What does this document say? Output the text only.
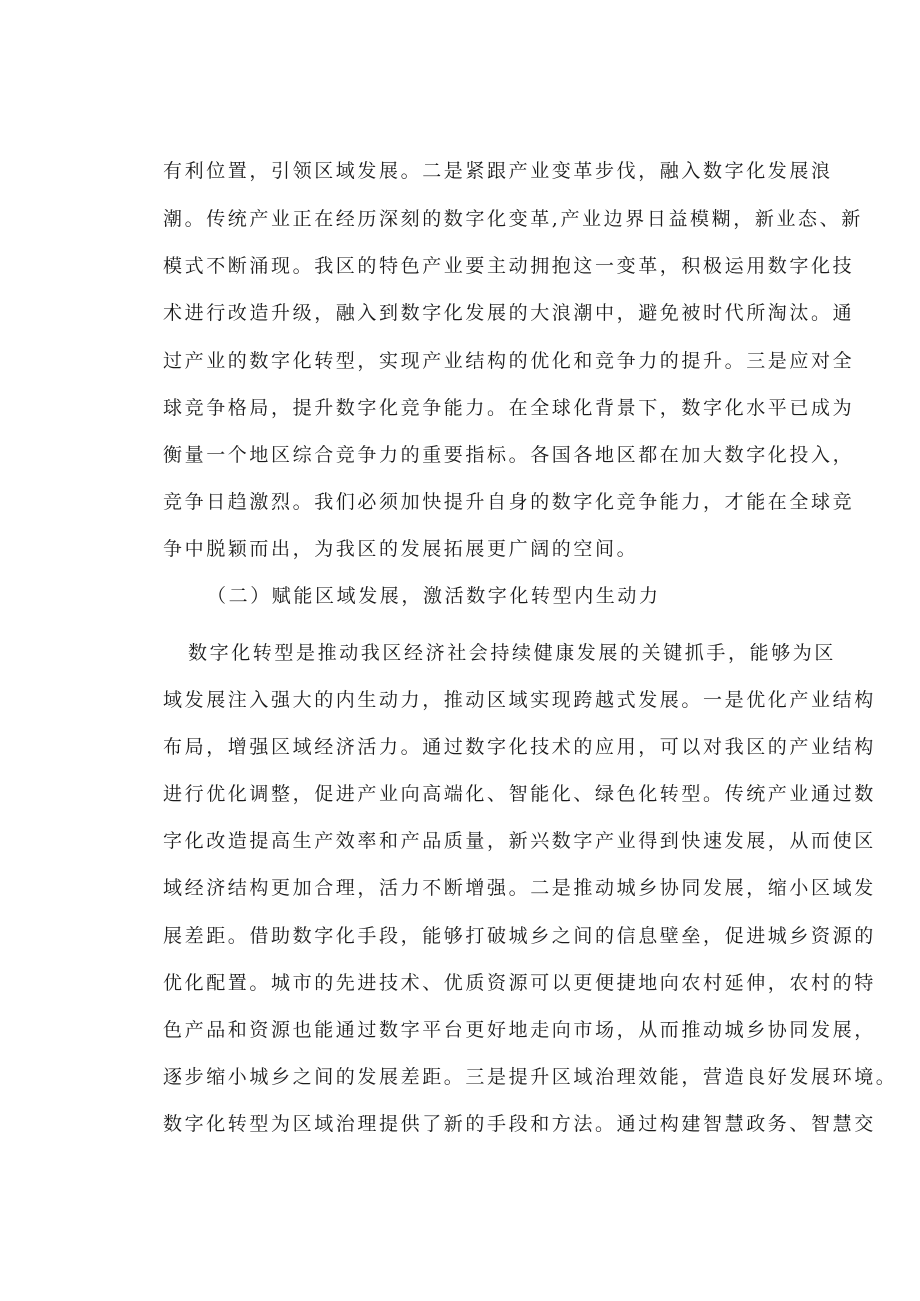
有利位置，引领区域发展。二是紧跟产业变革步伐，融入数字化发展浪
潮。传统产业正在经历深刻的数字化变革,产业边界日益模糊，新业态、新
模式不断涌现。我区的特色产业要主动拥抱这一变革，积极运用数字化技
术进行改造升级，融入到数字化发展的大浪潮中，避免被时代所淘汰。通
过产业的数字化转型，实现产业结构的优化和竞争力的提升。三是应对全
球竞争格局，提升数字化竞争能力。在全球化背景下，数字化水平已成为
衡量一个地区综合竞争力的重要指标。各国各地区都在加大数字化投入，
竞争日趋激烈。我们必须加快提升自身的数字化竞争能力，才能在全球竞
争中脱颖而出，为我区的发展拓展更广阔的空间。
（二）赋能区域发展，激活数字化转型内生动力
数字化转型是推动我区经济社会持续健康发展的关键抓手，能够为区
域发展注入强大的内生动力，推动区域实现跨越式发展。一是优化产业结构
布局，增强区域经济活力。通过数字化技术的应用，可以对我区的产业结构
进行优化调整，促进产业向高端化、智能化、绿色化转型。传统产业通过数
字化改造提高生产效率和产品质量，新兴数字产业得到快速发展，从而使区
域经济结构更加合理，活力不断增强。二是推动城乡协同发展，缩小区域发
展差距。借助数字化手段，能够打破城乡之间的信息壁垒，促进城乡资源的
优化配置。城市的先进技术、优质资源可以更便捷地向农村延伸，农村的特
色产品和资源也能通过数字平台更好地走向市场，从而推动城乡协同发展，
逐步缩小城乡之间的发展差距。三是提升区域治理效能，营造良好发展环境。
数字化转型为区域治理提供了新的手段和方法。通过构建智慧政务、智慧交
